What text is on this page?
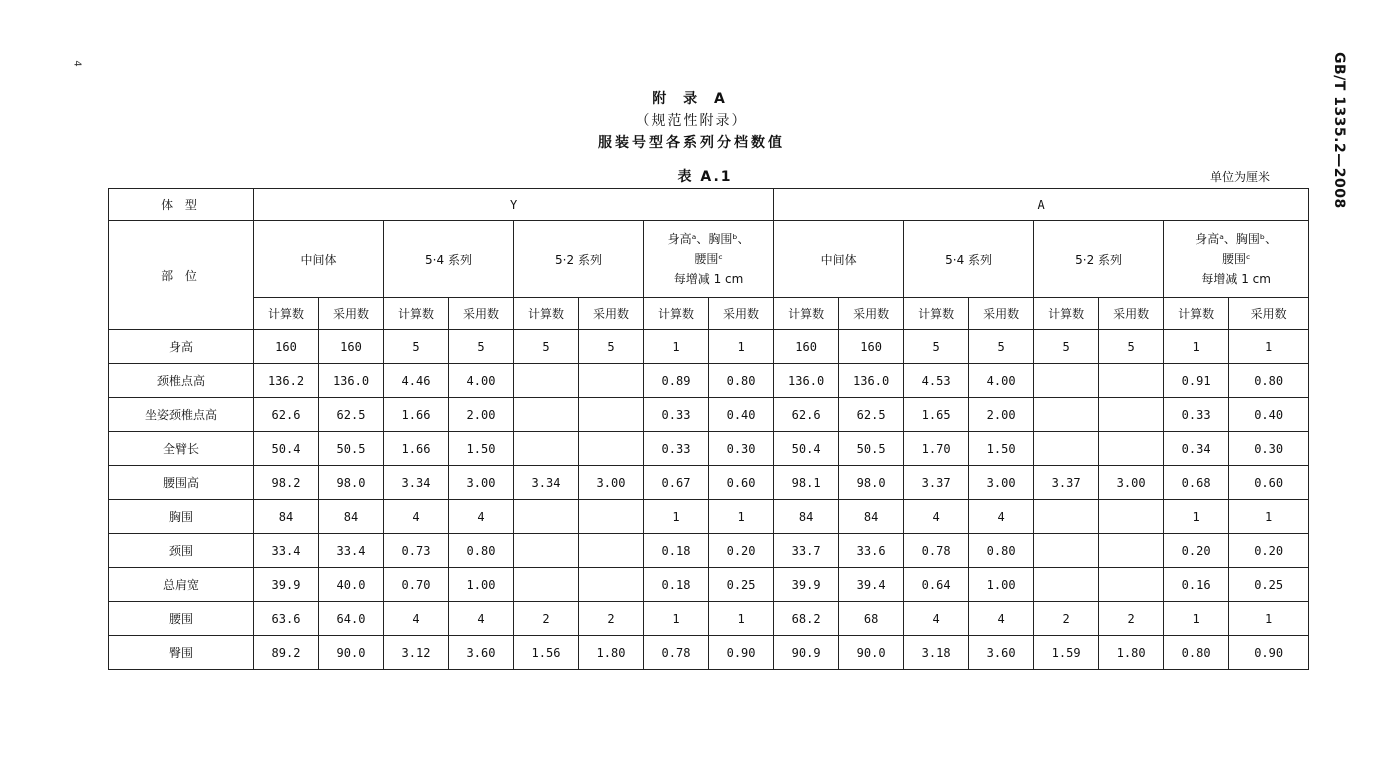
4	GB/T 1335.2—2008
附 录 A
（规范性附录）
服装号型各系列分档数值
表 A.1	单位为厘米
体 型	Y								A							
部 位	中间体		5·4 系列		5·2 系列		身高ᵃ、胸围ᵇ、
腰围ᶜ
每增减 1 cm		中间体		5·4 系列		5·2 系列		身高ᵃ、胸围ᵇ、
腰围ᶜ
每增减 1 cm	

	计算数	采用数	计算数	采用数	计算数	采用数	计算数	采用数	计算数	采用数	计算数	采用数	计算数	采用数	计算数	采用数
身高	160	160	5	5	5	5	1	1	160	160	5	5	5	5	1	1
颈椎点高	136.2	136.0	4.46	4.00			0.89	0.80	136.0	136.0	4.53	4.00			0.91	0.80
坐姿颈椎点高	62.6	62.5	1.66	2.00			0.33	0.40	62.6	62.5	1.65	2.00			0.33	0.40
全臂长	50.4	50.5	1.66	1.50			0.33	0.30	50.4	50.5	1.70	1.50			0.34	0.30
腰围高	98.2	98.0	3.34	3.00	3.34	3.00	0.67	0.60	98.1	98.0	3.37	3.00	3.37	3.00	0.68	0.60
胸围	84	84	4	4			1	1	84	84	4	4			1	1
颈围	33.4	33.4	0.73	0.80			0.18	0.20	33.7	33.6	0.78	0.80			0.20	0.20
总肩宽	39.9	40.0	0.70	1.00			0.18	0.25	39.9	39.4	0.64	1.00			0.16	0.25
腰围	63.6	64.0	4	4	2	2	1	1	68.2	68	4	4	2	2	1	1
臀围	89.2	90.0	3.12	3.60	1.56	1.80	0.78	0.90	90.9	90.0	3.18	3.60	1.59	1.80	0.80	0.90
